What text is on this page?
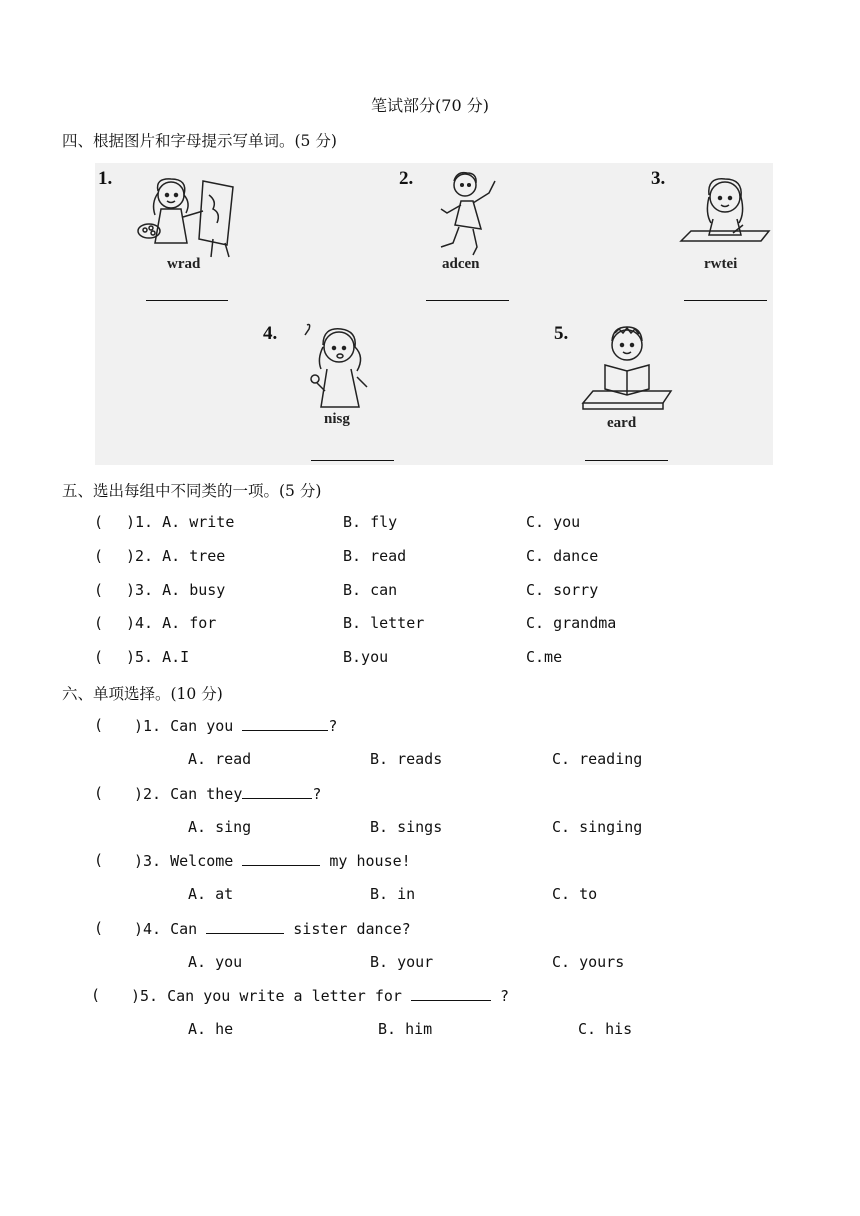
笔试部分(70 分)
四、根据图片和字母提示写单词。(5 分)
1.
wrad
2.
adcen
3.
rwtei
4.
nisg
5.
eard
五、选出每组中不同类的一项。(5 分)
( )1. A. write	B. fly	C. you
( )2. A. tree	B. read	C. dance
( )3. A. busy	B. can	C. sorry
( )4. A. for	B. letter	C. grandma
( )5. A.I	B.you	C.me
六、单项选择。(10 分)
( )1. Can you	?
A. read	B. reads	C. reading
( )2. Can they	?
A. sing	B. sings	C. singing
( )3. Welcome	my house!
A. at	B. in	C. to
( )4. Can	sister dance?
A. you	B. your	C. yours
( )5. Can you write a letter for	?
A. he	B. him	C. his
